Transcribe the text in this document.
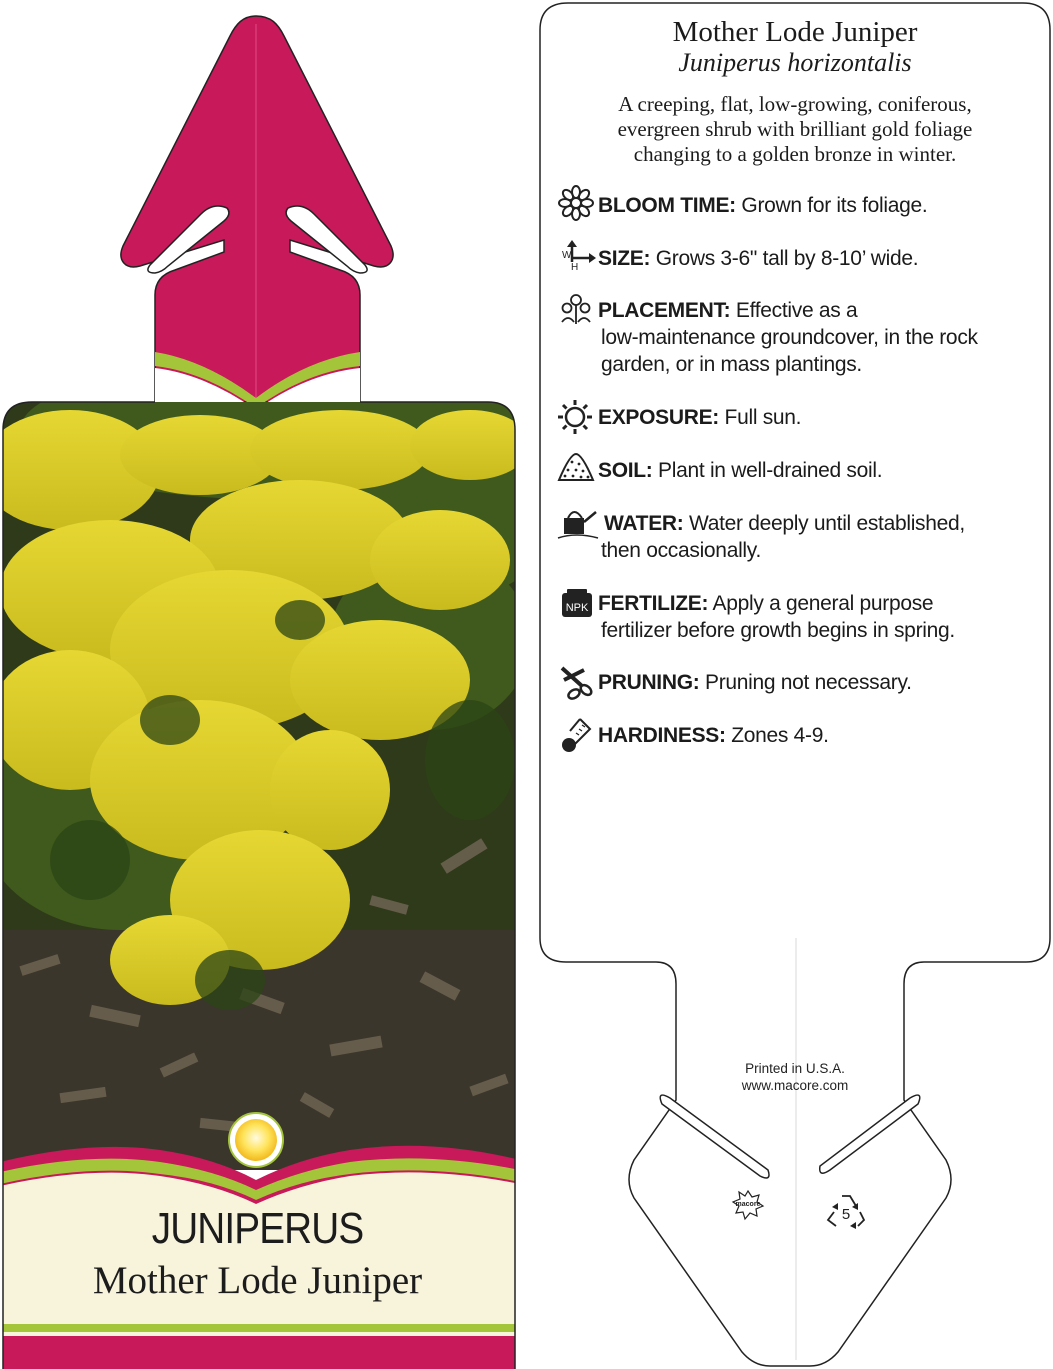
NPK
macore
5
JUNIPERUS
Mother Lode Juniper
Mother Lode Juniper
Juniperus horizontalis
A creeping, flat, low-growing, coniferous,
evergreen shrub with brilliant gold foliage
changing to a golden bronze in winter.
W
H
BLOOM TIME: Grown for its foliage.
SIZE: Grows 3-6" tall by 8-10’ wide.
PLACEMENT: Effective as a
low-maintenance groundcover, in the rock garden, or in mass plantings.
EXPOSURE: Full sun.
SOIL: Plant in well-drained soil.
WATER: Water deeply until established,
then occasionally.
FERTILIZE: Apply a general purpose
fertilizer before growth begins in spring.
PRUNING: Pruning not necessary.
HARDINESS: Zones 4-9.
Printed in U.S.A.
www.macore.com
